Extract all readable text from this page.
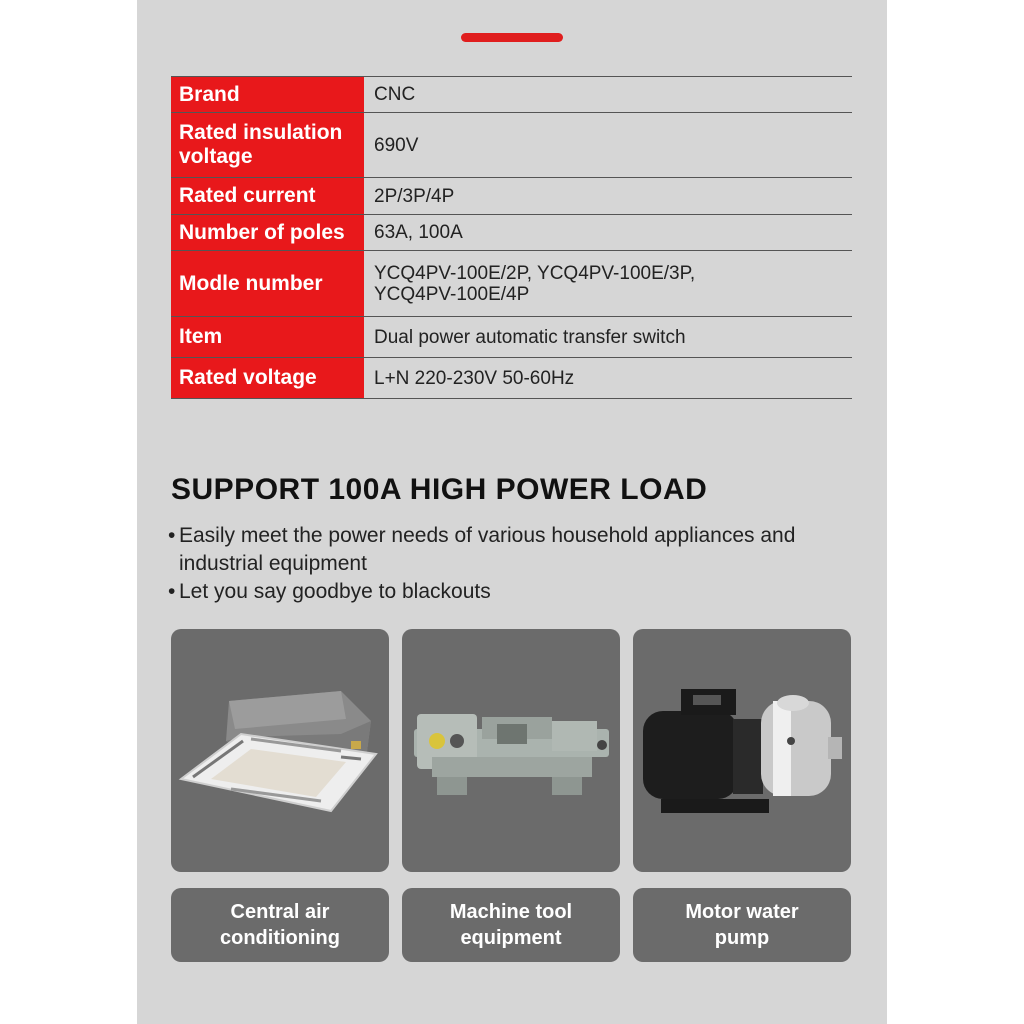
Brand	CNC
Rated insulation voltage	690V
Rated current	2P/3P/4P
Number of poles	63A, 100A
Modle number	YCQ4PV-100E/2P, YCQ4PV-100E/3P, YCQ4PV-100E/4P
Item	Dual power automatic transfer switch
Rated voltage	L+N 220-230V 50-60Hz
SUPPORT 100A HIGH POWER LOAD
• Easily meet the power needs of various household appliances and industrial equipment
• Let you say goodbye to blackouts
Central air conditioning
Machine tool equipment
Motor water pump
